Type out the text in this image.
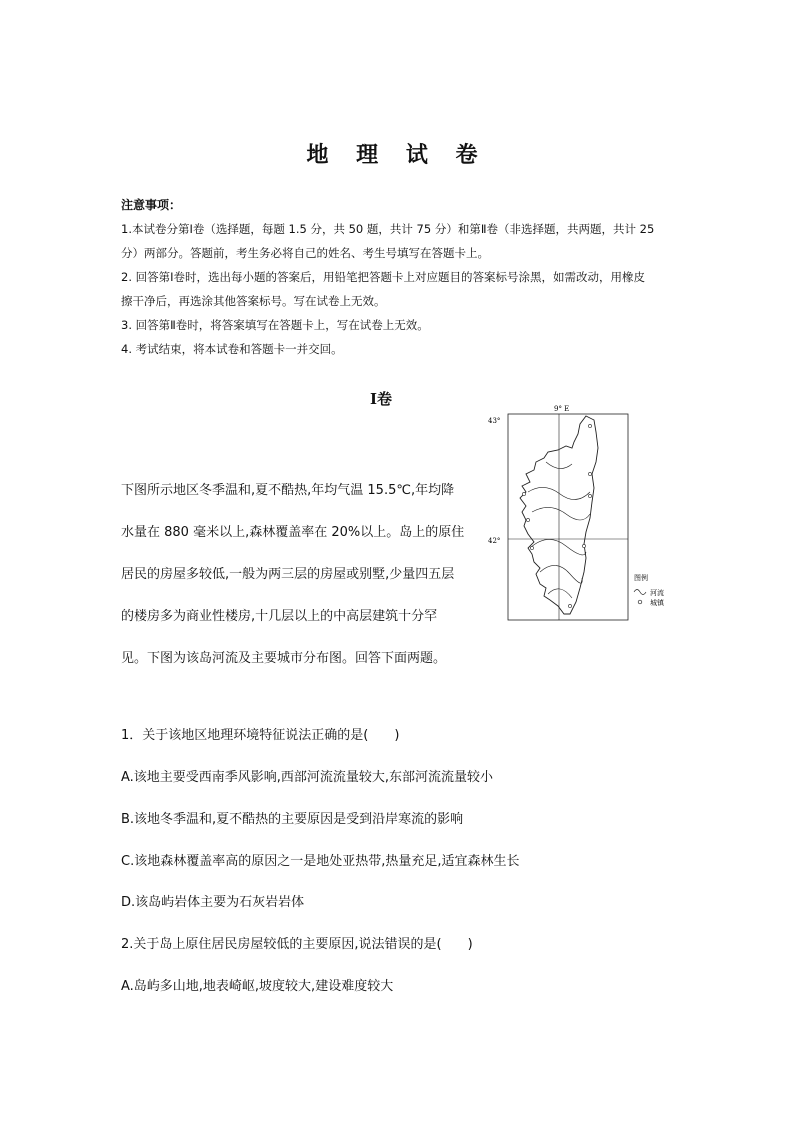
地 理 试 卷

注意事项：

1.本试卷分第Ⅰ卷（选择题，每题 1.5 分，共 50 题，共计 75 分）和第Ⅱ卷（非选择题，共两题，共计 25

分）两部分。答题前，考生务必将自己的姓名、考生号填写在答题卡上。

2. 回答第Ⅰ卷时，选出每小题的答案后，用铅笔把答题卡上对应题目的答案标号涂黑，如需改动，用橡皮

擦干净后，再选涂其他答案标号。写在试卷上无效。

3. 回答第Ⅱ卷时，将答案填写在答题卡上，写在试卷上无效。

4. 考试结束，将本试卷和答题卡一并交回。

Ⅰ卷

下图所示地区冬季温和,夏不酷热,年均气温 15.5℃,年均降

水量在 880 毫米以上,森林覆盖率在 20%以上。岛上的原住

居民的房屋多较低,一般为两三层的房屋或别墅,少量四五层

的楼房多为商业性楼房,十几层以上的中高层建筑十分罕

见。下图为该岛河流及主要城市分布图。回答下面两题。

9° E
43°
42°
图例
河流
城镇
1．关于该地区地理环境特征说法正确的是(　　)
A.该地主要受西南季风影响,西部河流流量较大,东部河流流量较小
B.该地冬季温和,夏不酷热的主要原因是受到沿岸寒流的影响
C.该地森林覆盖率高的原因之一是地处亚热带,热量充足,适宜森林生长
D.该岛屿岩体主要为石灰岩岩体
2.关于岛上原住居民房屋较低的主要原因,说法错误的是(　　)
A.岛屿多山地,地表崎岖,坡度较大,建设难度较大
